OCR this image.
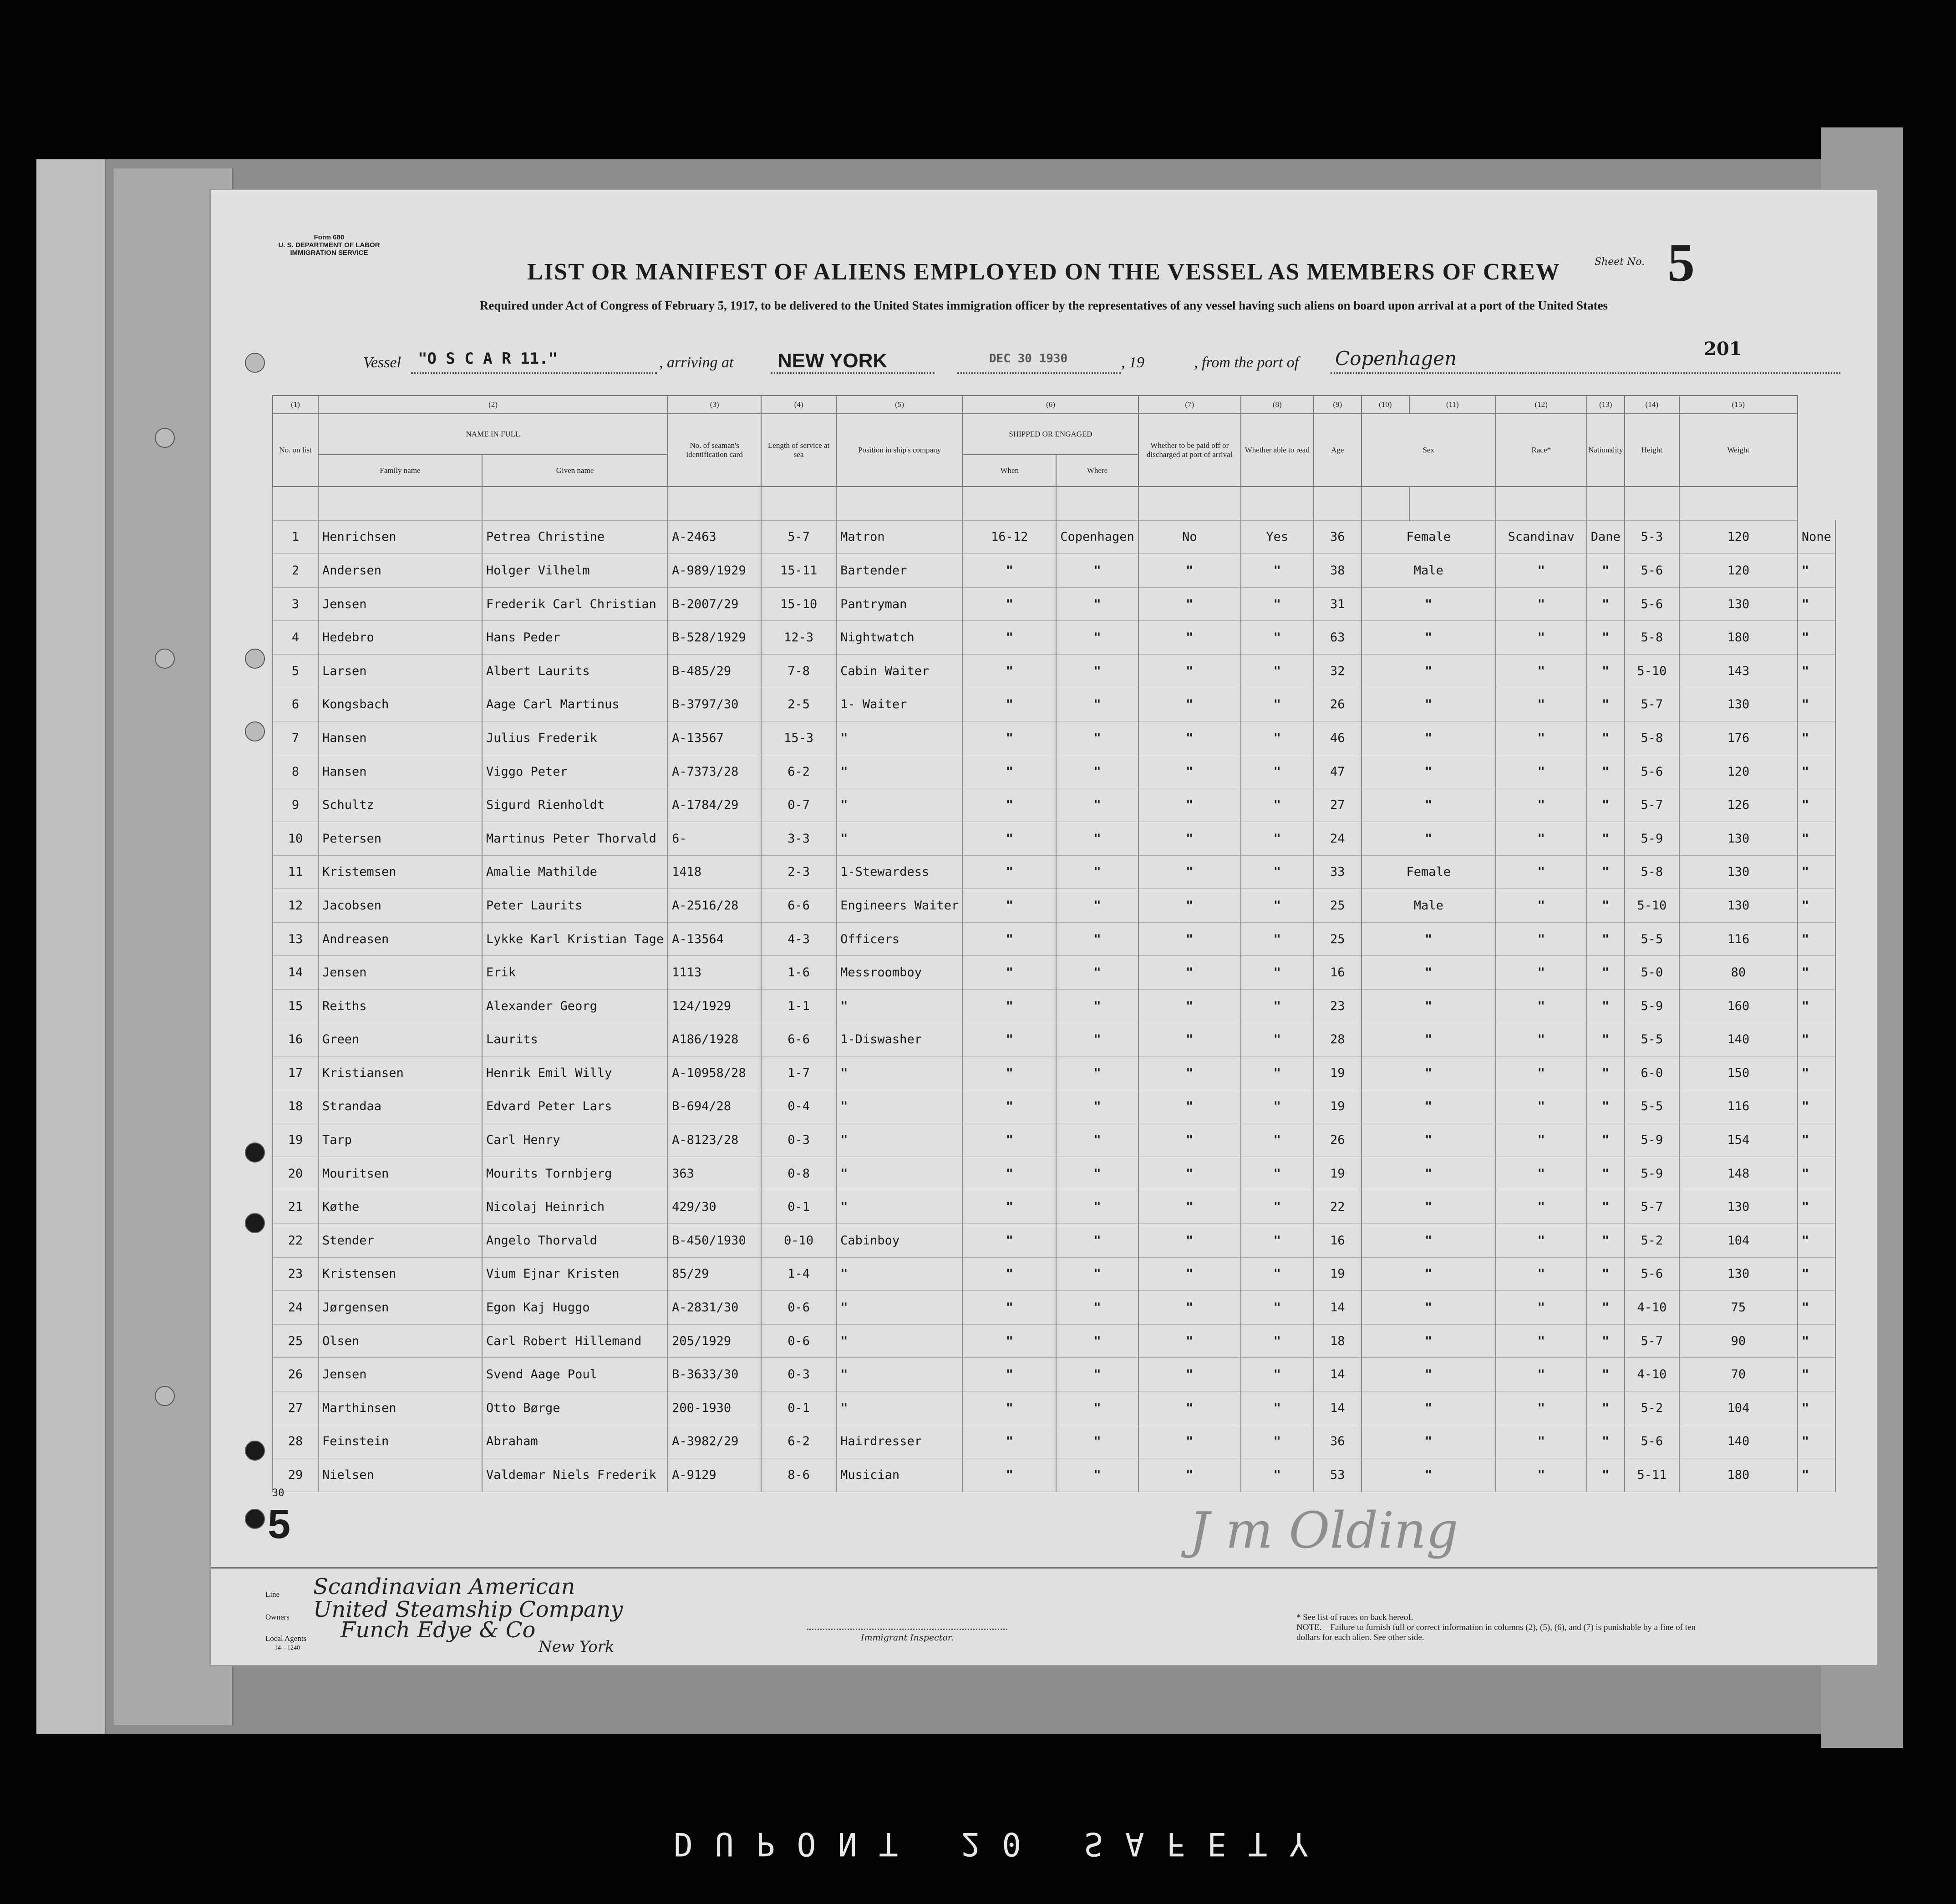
Form 680
U. S. DEPARTMENT OF LABOR
IMMIGRATION SERVICE
LIST OR MANIFEST OF ALIENS EMPLOYED ON THE VESSEL AS MEMBERS OF CREW
Required under Act of Congress of February 5, 1917, to be delivered to the United States immigration officer by the representatives of any vessel having such aliens on board upon arrival at a port of the United States
Sheet No. 5
201
Vessel "O S C A R 11."	, arriving at NEW YORK	DEC 30 1930	, 19	, from the port of Copenhagen
(1)	(2)		(3)	(4)	(5)	(6)		(7)	(8)	(9)	(10)	(11)	(12)	(13)	(14)	(15)	
No. on list	NAME IN FULL		No. of seaman's identification card	Length of service at sea	Position in ship's company	SHIPPED OR ENGAGED		Whether to be paid off or discharged at port of arrival	Whether able to read	Age	Sex		Race*	Nationality	Height	Weight	
	Family name	Given name				When	Where										

1	Henrichsen	Petrea Christine	A-2463	5-7	Matron	16-12	Copenhagen	No	Yes	36	Female		Scandinav	Dane	5-3	120	None
2	Andersen	Holger Vilhelm	A-989/1929	15-11	Bartender	"	"	"	"	38	Male		"	"	5-6	120	"
3	Jensen	Frederik Carl Christian	B-2007/29	15-10	Pantryman	"	"	"	"	31	"		"	"	5-6	130	"
4	Hedebro	Hans Peder	B-528/1929	12-3	Nightwatch	"	"	"	"	63	"		"	"	5-8	180	"
5	Larsen	Albert Laurits	B-485/29	7-8	Cabin Waiter	"	"	"	"	32	"		"	"	5-10	143	"
6	Kongsbach	Aage Carl Martinus	B-3797/30	2-5	1- Waiter	"	"	"	"	26	"		"	"	5-7	130	"
7	Hansen	Julius Frederik	A-13567	15-3	"	"	"	"	"	46	"		"	"	5-8	176	"
8	Hansen	Viggo Peter	A-7373/28	6-2	"	"	"	"	"	47	"		"	"	5-6	120	"
9	Schultz	Sigurd Rienholdt	A-1784/29	0-7	"	"	"	"	"	27	"		"	"	5-7	126	"
10	Petersen	Martinus Peter Thorvald	6-	3-3	"	"	"	"	"	24	"		"	"	5-9	130	"
11	Kristemsen	Amalie Mathilde	1418	2-3	1-Stewardess	"	"	"	"	33	Female		"	"	5-8	130	"
12	Jacobsen	Peter Laurits	A-2516/28	6-6	Engineers Waiter	"	"	"	"	25	Male		"	"	5-10	130	"
13	Andreasen	Lykke Karl Kristian Tage	A-13564	4-3	Officers	"	"	"	"	25	"		"	"	5-5	116	"
14	Jensen	Erik	1113	1-6	Messroomboy	"	"	"	"	16	"		"	"	5-0	80	"
15	Reiths	Alexander Georg	124/1929	1-1	"	"	"	"	"	23	"		"	"	5-9	160	"
16	Green	Laurits	A186/1928	6-6	1-Diswasher	"	"	"	"	28	"		"	"	5-5	140	"
17	Kristiansen	Henrik Emil Willy	A-10958/28	1-7	"	"	"	"	"	19	"		"	"	6-0	150	"
18	Strandaa	Edvard Peter Lars	B-694/28	0-4	"	"	"	"	"	19	"		"	"	5-5	116	"
19	Tarp	Carl Henry	A-8123/28	0-3	"	"	"	"	"	26	"		"	"	5-9	154	"
20	Mouritsen	Mourits Tornbjerg	363	0-8	"	"	"	"	"	19	"		"	"	5-9	148	"
21	Køthe	Nicolaj Heinrich	429/30	0-1	"	"	"	"	"	22	"		"	"	5-7	130	"
22	Stender	Angelo Thorvald	B-450/1930	0-10	Cabinboy	"	"	"	"	16	"		"	"	5-2	104	"
23	Kristensen	Vium Ejnar Kristen	85/29	1-4	"	"	"	"	"	19	"		"	"	5-6	130	"
24	Jørgensen	Egon Kaj Huggo	A-2831/30	0-6	"	"	"	"	"	14	"		"	"	4-10	75	"
25	Olsen	Carl Robert Hillemand	205/1929	0-6	"	"	"	"	"	18	"		"	"	5-7	90	"
26	Jensen	Svend Aage Poul	B-3633/30	0-3	"	"	"	"	"	14	"		"	"	4-10	70	"
27	Marthinsen	Otto Børge	200-1930	0-1	"	"	"	"	"	14	"		"	"	5-2	104	"
28	Feinstein	Abraham	A-3982/29	6-2	Hairdresser	"	"	"	"	36	"		"	"	5-6	140	"
29	Nielsen	Valdemar Niels Frederik	A-9129	8-6	Musician	"	"	"	"	53	"		"	"	5-11	180	"
30
5	J m Olding
Line Scandinavian American
Owners United Steamship Company
Local Agents Funch Edye & Co
14—1240	New York	Immigrant Inspector.
* See list of races on back hereof.
NOTE.—Failure to furnish full or correct information in columns (2), (5), (6), and (7) is punishable by a fine of ten dollars for each alien. See other side.
DUPONT 20 SAFETY
